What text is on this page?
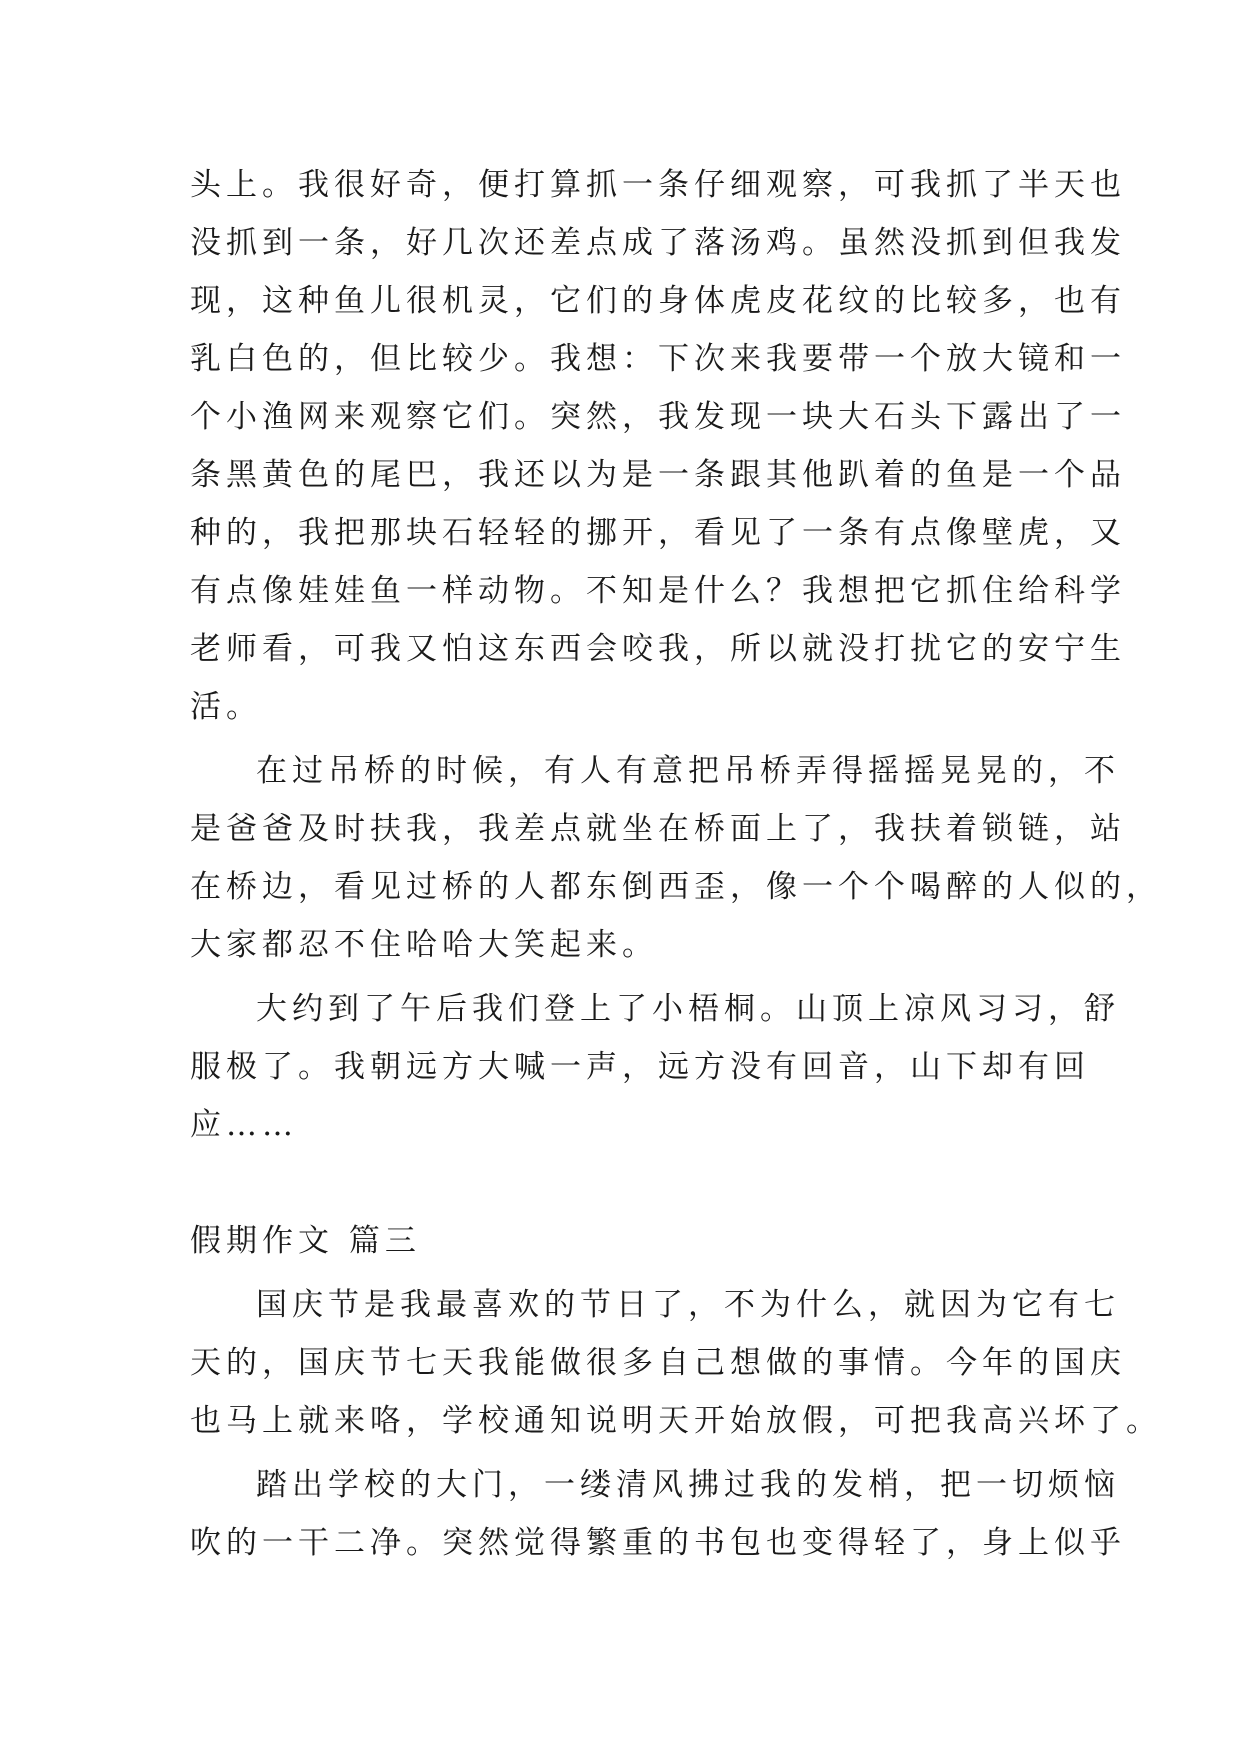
头上。我很好奇，便打算抓一条仔细观察，可我抓了半天也
没抓到一条，好几次还差点成了落汤鸡。虽然没抓到但我发
现，这种鱼儿很机灵，它们的身体虎皮花纹的比较多，也有
乳白色的，但比较少。我想：下次来我要带一个放大镜和一
个小渔网来观察它们。突然，我发现一块大石头下露出了一
条黑黄色的尾巴，我还以为是一条跟其他趴着的鱼是一个品
种的，我把那块石轻轻的挪开，看见了一条有点像壁虎，又
有点像娃娃鱼一样动物。不知是什么？我想把它抓住给科学
老师看，可我又怕这东西会咬我，所以就没打扰它的安宁生
活。
在过吊桥的时候，有人有意把吊桥弄得摇摇晃晃的，不
是爸爸及时扶我，我差点就坐在桥面上了，我扶着锁链，站
在桥边，看见过桥的人都东倒西歪，像一个个喝醉的人似的，
大家都忍不住哈哈大笑起来。
大约到了午后我们登上了小梧桐。山顶上凉风习习，舒
服极了。我朝远方大喊一声，远方没有回音，山下却有回
应……
假期作文 篇三
国庆节是我最喜欢的节日了，不为什么，就因为它有七
天的，国庆节七天我能做很多自己想做的事情。今年的国庆
也马上就来咯，学校通知说明天开始放假，可把我高兴坏了。
踏出学校的大门，一缕清风拂过我的发梢，把一切烦恼
吹的一干二净。突然觉得繁重的书包也变得轻了，身上似乎
